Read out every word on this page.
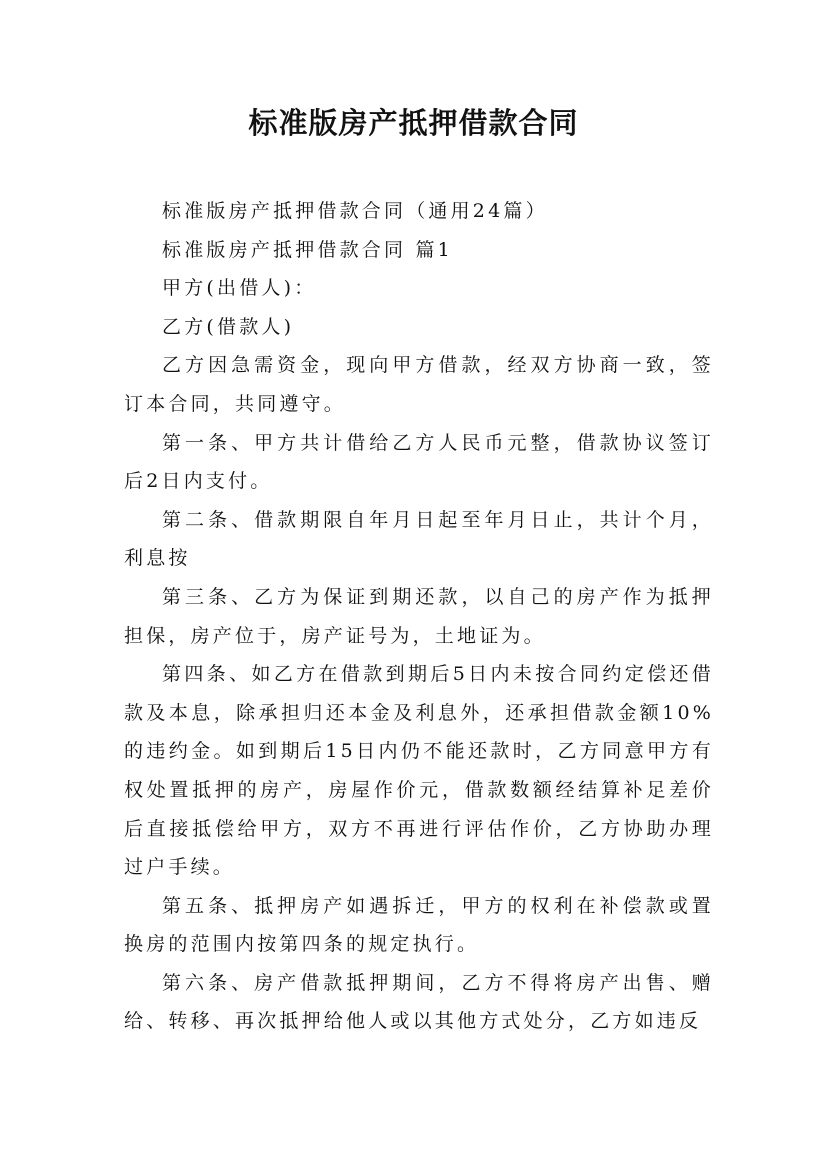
标准版房产抵押借款合同

标准版房产抵押借款合同（通用24篇）

标准版房产抵押借款合同 篇1

甲方(出借人)：

乙方(借款人)

乙方因急需资金，现向甲方借款，经双方协商一致，签订本合同，共同遵守。

第一条、甲方共计借给乙方人民币元整，借款协议签订后2日内支付。

第二条、借款期限自年月日起至年月日止，共计个月，利息按

第三条、乙方为保证到期还款，以自己的房产作为抵押担保，房产位于，房产证号为，土地证为。

第四条、如乙方在借款到期后5日内未按合同约定偿还借款及本息，除承担归还本金及利息外，还承担借款金额10%的违约金。如到期后15日内仍不能还款时，乙方同意甲方有权处置抵押的房产，房屋作价元，借款数额经结算补足差价后直接抵偿给甲方，双方不再进行评估作价，乙方协助办理过户手续。

第五条、抵押房产如遇拆迁，甲方的权利在补偿款或置换房的范围内按第四条的规定执行。

第六条、房产借款抵押期间，乙方不得将房产出售、赠给、转移、再次抵押给他人或以其他方式处分，乙方如违反
